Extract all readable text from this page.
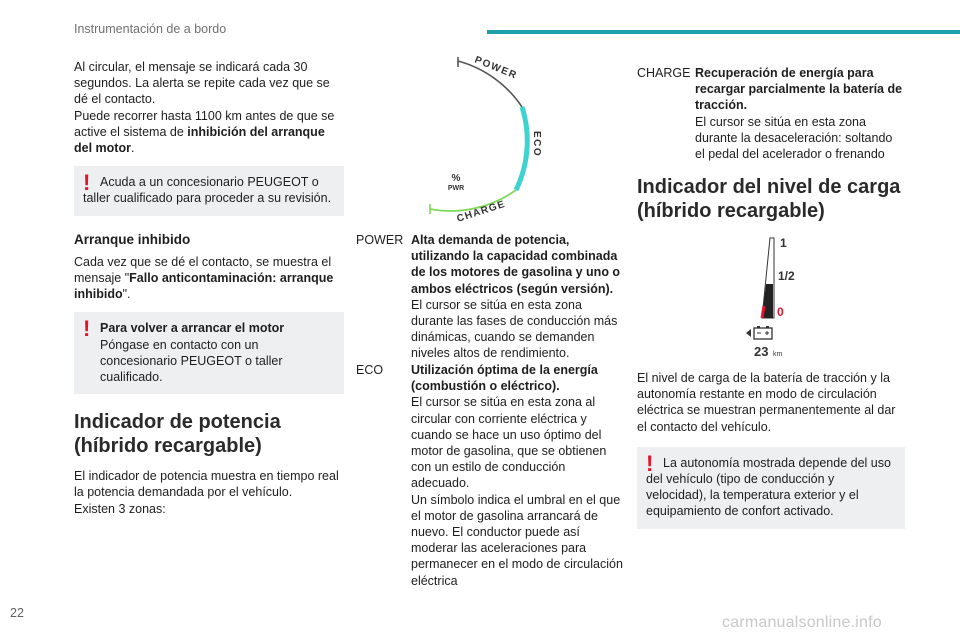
Instrumentación de a bordo

Al circular, el mensaje se indicará cada 30 segundos. La alerta se repite cada vez que se dé el contacto.

Puede recorrer hasta 1100 km antes de que se active el sistema de inhibición del arranque del motor.

! Acuda a un concesionario PEUGEOT o taller cualificado para proceder a su revisión.

Arranque inhibido

Cada vez que se dé el contacto, se muestra el mensaje "Fallo anticontaminación: arranque inhibido".

! Para volver a arrancar el motor

Póngase en contacto con un concesionario PEUGEOT o taller cualificado.

Indicador de potencia (híbrido recargable)

El indicador de potencia muestra en tiempo real la potencia demandada por el vehículo.

Existen 3 zonas:

POWER
ECO
CHARGE
%
PWR
POWER Alta demanda de potencia, utilizando la capacidad combinada de los motores de gasolina y uno o ambos eléctricos (según versión).
El cursor se sitúa en esta zona durante las fases de conducción más dinámicas, cuando se demanden niveles altos de rendimiento.
ECO Utilización óptima de la energía (combustión o eléctrico).
El cursor se sitúa en esta zona al circular con corriente eléctrica y cuando se hace un uso óptimo del motor de gasolina, que se obtienen con un estilo de conducción adecuado.
Un símbolo indica el umbral en el que el motor de gasolina arrancará de nuevo. El conductor puede así moderar las aceleraciones para permanecer en el modo de circulación eléctrica
CHARGE Recuperación de energía para recargar parcialmente la batería de tracción.
El cursor se sitúa en esta zona durante la desaceleración: soltando el pedal del acelerador o frenando
Indicador del nivel de carga (híbrido recargable)
1
1/2
0
23 km

El nivel de carga de la batería de tracción y la autonomía restante en modo de circulación eléctrica se muestran permanentemente al dar el contacto del vehículo.

! La autonomía mostrada depende del uso del vehículo (tipo de conducción y velocidad), la temperatura exterior y el equipamiento de confort activado.

22
carmanualsonline.info
